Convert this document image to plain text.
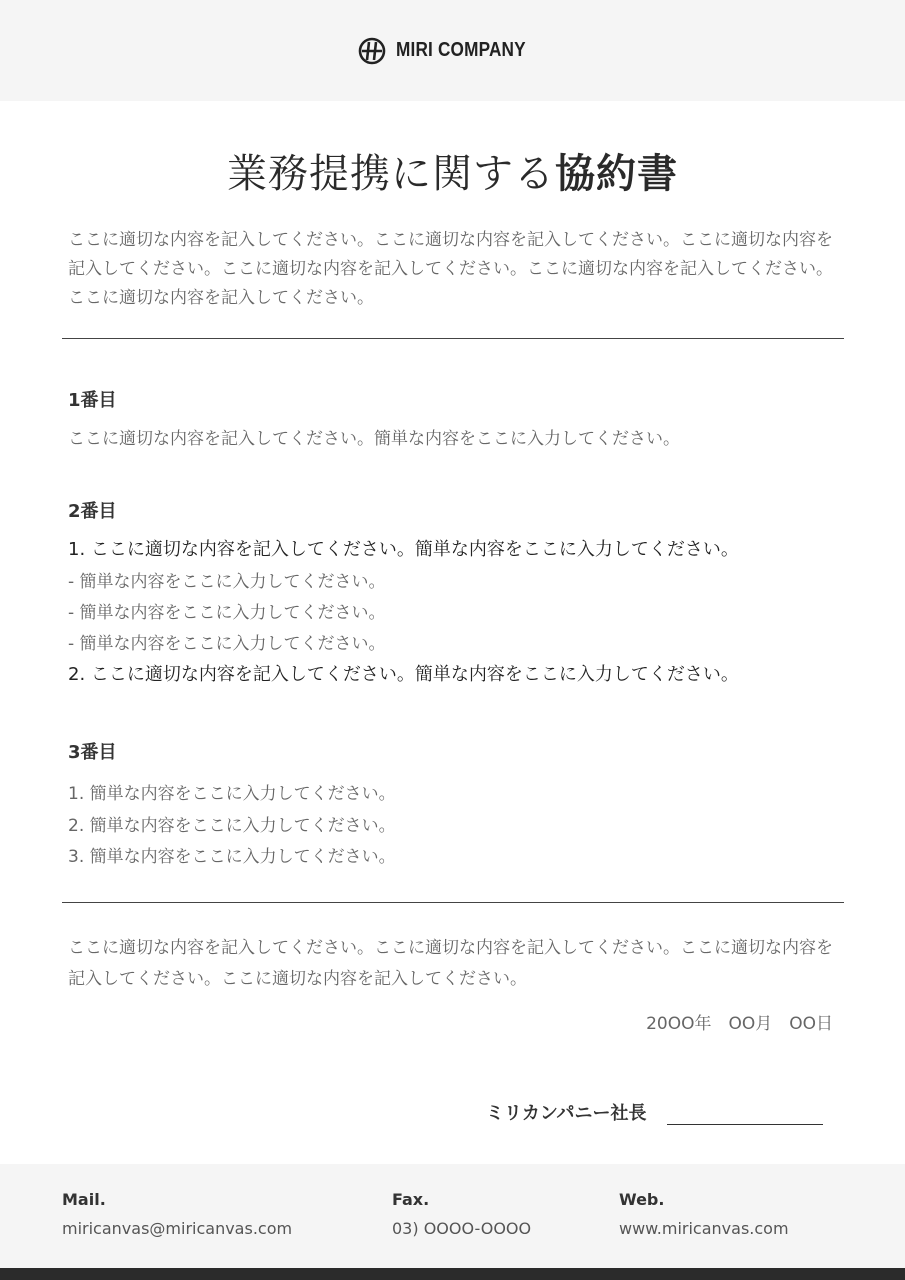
MIRI COMPANY
業務提携に関する協約書

ここに適切な内容を記入してください。ここに適切な内容を記入してください。ここに適切な内容を記入してください。ここに適切な内容を記入してください。ここに適切な内容を記入してください。ここに適切な内容を記入してください。

1番目
ここに適切な内容を記入してください。簡単な内容をここに入力してください。
2番目
1. ここに適切な内容を記入してください。簡単な内容をここに入力してください。
- 簡単な内容をここに入力してください。
- 簡単な内容をここに入力してください。
- 簡単な内容をここに入力してください。
2. ここに適切な内容を記入してください。簡単な内容をここに入力してください。
3番目
1. 簡単な内容をここに入力してください。
2. 簡単な内容をここに入力してください。
3. 簡単な内容をここに入力してください。

ここに適切な内容を記入してください。ここに適切な内容を記入してください。ここに適切な内容を記入してください。ここに適切な内容を記入してください。

20OO年　OO月　OO日
ミリカンパニー社長
Mail.
miricanvas@miricanvas.com
Fax.
03) OOOO-OOOO
Web.
www.miricanvas.com
